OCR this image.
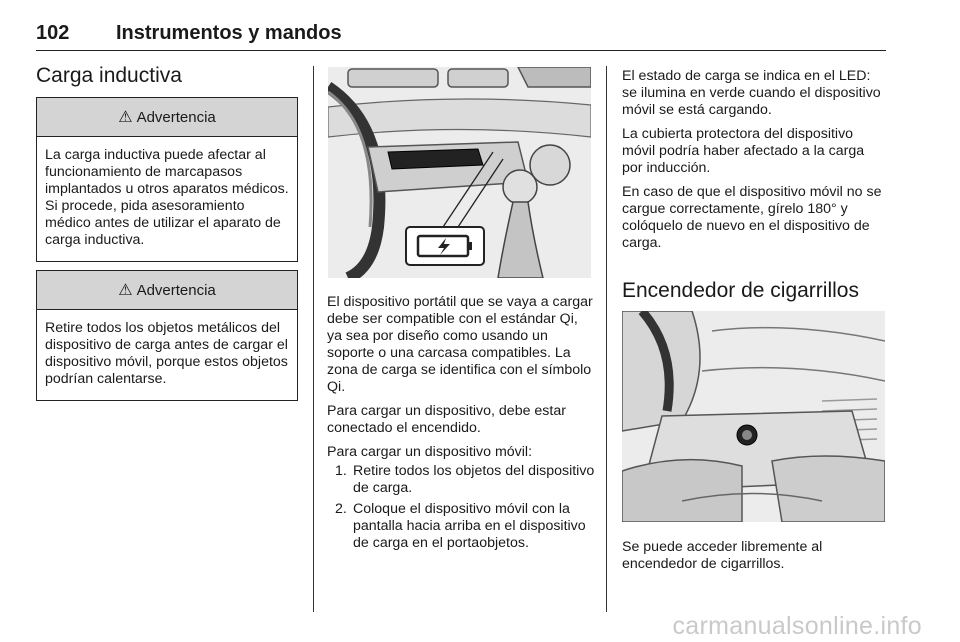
102 Instrumentos y mandos
Carga inductiva
⚠ Advertencia
La carga inductiva puede afectar al funcionamiento de marcapasos implantados u otros aparatos médicos. Si procede, pida asesoramiento médico antes de utilizar el aparato de carga inductiva.
⚠ Advertencia
Retire todos los objetos metálicos del dispositivo de carga antes de cargar el dispositivo móvil, porque estos objetos podrían calentarse.

El dispositivo portátil que se vaya a cargar debe ser compatible con el estándar Qi, ya sea por diseño como usando un soporte o una carcasa compatibles. La zona de carga se identifica con el símbolo Qi.

Para cargar un dispositivo, debe estar conectado el encendido.

Para cargar un dispositivo móvil:

1. Retire todos los objetos del dispositivo de carga.
2. Coloque el dispositivo móvil con la pantalla hacia arriba en el dispositivo de carga en el portaobjetos.

El estado de carga se indica en el LED: se ilumina en verde cuando el dispositivo móvil se está cargando.

La cubierta protectora del dispositivo móvil podría haber afectado a la carga por inducción.

En caso de que el dispositivo móvil no se cargue correctamente, gírelo 180° y colóquelo de nuevo en el dispositivo de carga.

Encendedor de cigarrillos

Se puede acceder libremente al encendedor de cigarrillos.

carmanualsonline.info
